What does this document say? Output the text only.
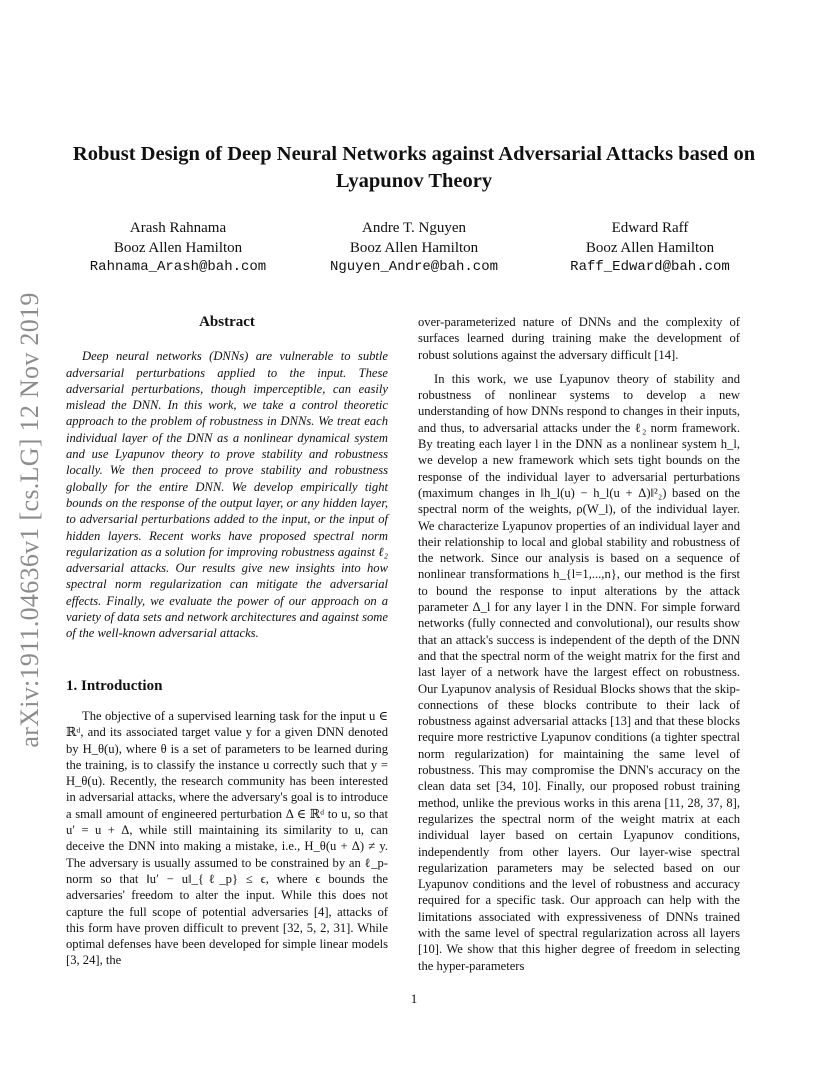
arXiv:1911.04636v1 [cs.LG] 12 Nov 2019
Robust Design of Deep Neural Networks against Adversarial Attacks based on Lyapunov Theory
Arash Rahnama
Booz Allen Hamilton
Rahnama_Arash@bah.com
Andre T. Nguyen
Booz Allen Hamilton
Nguyen_Andre@bah.com
Edward Raff
Booz Allen Hamilton
Raff_Edward@bah.com
Abstract

Deep neural networks (DNNs) are vulnerable to subtle adversarial perturbations applied to the input. These adversarial perturbations, though imperceptible, can easily mislead the DNN. In this work, we take a control theoretic approach to the problem of robustness in DNNs. We treat each individual layer of the DNN as a nonlinear dynamical system and use Lyapunov theory to prove stability and robustness locally. We then proceed to prove stability and robustness globally for the entire DNN. We develop empirically tight bounds on the response of the output layer, or any hidden layer, to adversarial perturbations added to the input, or the input of hidden layers. Recent works have proposed spectral norm regularization as a solution for improving robustness against ℓ₂ adversarial attacks. Our results give new insights into how spectral norm regularization can mitigate the adversarial effects. Finally, we evaluate the power of our approach on a variety of data sets and network architectures and against some of the well-known adversarial attacks.

1. Introduction

The objective of a supervised learning task for the input u ∈ ℝᵈ, and its associated target value y for a given DNN denoted by H_θ(u), where θ is a set of parameters to be learned during the training, is to classify the instance u correctly such that y = H_θ(u). Recently, the research community has been interested in adversarial attacks, where the adversary's goal is to introduce a small amount of engineered perturbation Δ ∈ ℝᵈ to u, so that u′ = u + Δ, while still maintaining its similarity to u, can deceive the DNN into making a mistake, i.e., H_θ(u + Δ) ≠ y. The adversary is usually assumed to be constrained by an ℓ_p-norm so that ‖u′ − u‖_{ℓ_p} ≤ ϵ, where ϵ bounds the adversaries' freedom to alter the input. While this does not capture the full scope of potential adversaries [4], attacks of this form have proven difficult to prevent [32, 5, 2, 31]. While optimal defenses have been developed for simple linear models [3, 24], the

over-parameterized nature of DNNs and the complexity of surfaces learned during training make the development of robust solutions against the adversary difficult [14].

In this work, we use Lyapunov theory of stability and robustness of nonlinear systems to develop a new understanding of how DNNs respond to changes in their inputs, and thus, to adversarial attacks under the ℓ₂ norm framework. By treating each layer l in the DNN as a nonlinear system h_l, we develop a new framework which sets tight bounds on the response of the individual layer to adversarial perturbations (maximum changes in ‖h_l(u) − h_l(u + Δ)‖²₂) based on the spectral norm of the weights, ρ(W_l), of the individual layer. We characterize Lyapunov properties of an individual layer and their relationship to local and global stability and robustness of the network. Since our analysis is based on a sequence of nonlinear transformations h_{l=1,...,n}, our method is the first to bound the response to input alterations by the attack parameter Δ_l for any layer l in the DNN. For simple forward networks (fully connected and convolutional), our results show that an attack's success is independent of the depth of the DNN and that the spectral norm of the weight matrix for the first and last layer of a network have the largest effect on robustness. Our Lyapunov analysis of Residual Blocks shows that the skip-connections of these blocks contribute to their lack of robustness against adversarial attacks [13] and that these blocks require more restrictive Lyapunov conditions (a tighter spectral norm regularization) for maintaining the same level of robustness. This may compromise the DNN's accuracy on the clean data set [34, 10]. Finally, our proposed robust training method, unlike the previous works in this arena [11, 28, 37, 8], regularizes the spectral norm of the weight matrix at each individual layer based on certain Lyapunov conditions, independently from other layers. Our layer-wise spectral regularization parameters may be selected based on our Lyapunov conditions and the level of robustness and accuracy required for a specific task. Our approach can help with the limitations associated with expressiveness of DNNs trained with the same level of spectral regularization across all layers [10]. We show that this higher degree of freedom in selecting the hyper-parameters

1
